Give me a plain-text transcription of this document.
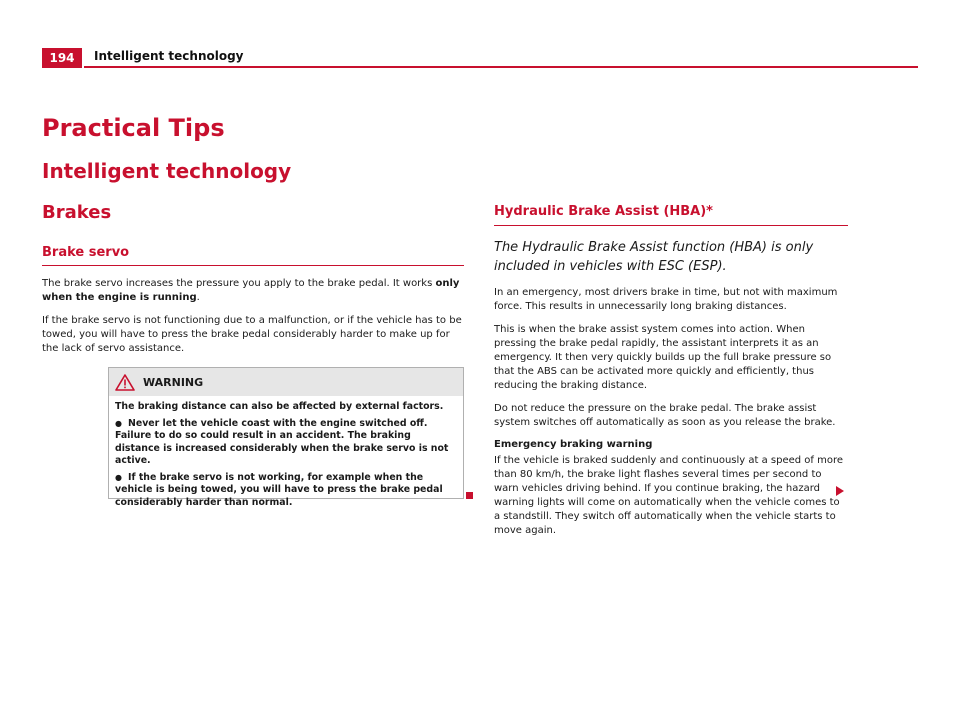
194	Intelligent technology
Practical Tips
Intelligent technology
Brakes
Brake servo

The brake servo increases the pressure you apply to the brake pedal. It works only when the engine is running.

If the brake servo is not functioning due to a malfunction, or if the vehicle has to be towed, you will have to press the brake pedal considerably harder to make up for the lack of servo assistance.

WARNING

The braking distance can also be affected by external factors.

● Never let the vehicle coast with the engine switched off. Failure to do so could result in an accident. The braking distance is increased considerably when the brake servo is not active.

● If the brake servo is not working, for example when the vehicle is being towed, you will have to press the brake pedal considerably harder than normal.

Hydraulic Brake Assist (HBA)*

The Hydraulic Brake Assist function (HBA) is only included in vehicles with ESC (ESP).

In an emergency, most drivers brake in time, but not with maximum force. This results in unnecessarily long braking distances.

This is when the brake assist system comes into action. When pressing the brake pedal rapidly, the assistant interprets it as an emergency. It then very quickly builds up the full brake pressure so that the ABS can be activated more quickly and efficiently, thus reducing the braking distance.

Do not reduce the pressure on the brake pedal. The brake assist system switches off automatically as soon as you release the brake.

Emergency braking warning

If the vehicle is braked suddenly and continuously at a speed of more than 80 km/h, the brake light flashes several times per second to warn vehicles driving behind. If you continue braking, the hazard warning lights will come on automatically when the vehicle comes to a standstill. They switch off automatically when the vehicle starts to move again.
